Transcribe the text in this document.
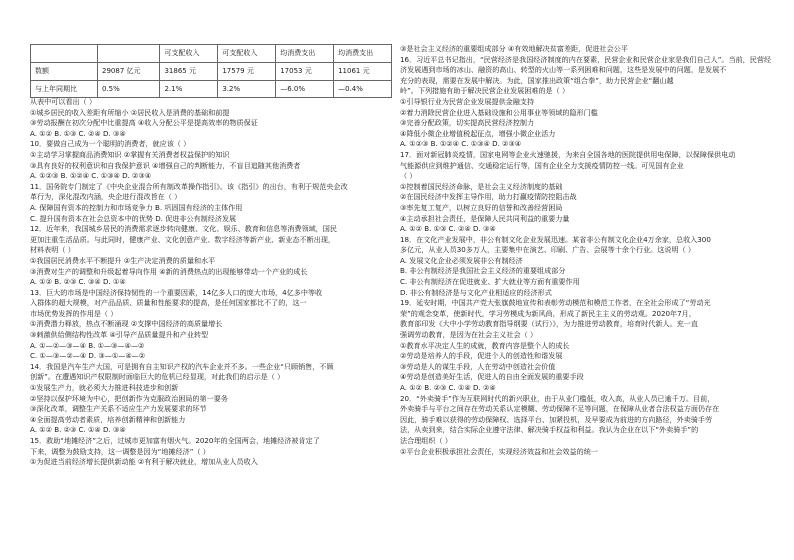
		可支配收入	可支配收入	均消费支出	均消费支出
数额	29087 亿元	31865 元	17579 元	17053 元	11061 元
与上年同期比	0.5%	2.1%	3.2%	—6.0%	—0.4%
从表中可以看出（ ）
①城乡居民的收入差距有所缩小 ②居民收入是消费的基础和前提
③劳动报酬在初次分配中比重提高 ④收入分配公平是提高效率的物质保证
A. ①② B. ①③ C. ②④ D. ③④
10．要做自己成为一个聪明的消费者，就应该（ ）
①主动学习掌握商品消费知识 ②掌握有关消费者权益保护的知识
③具有良好的权利意识和自我保护意识 ④增强自己的判断能力，不盲目追随其他消费者
A. ①②③ B. ①②④ C. ①③④ D. ②③④
11．国务院专门制定了《中央企业混合所有制改革操作指引》。该《指引》的出台，有利于规范央企改
革行为，深化混改内涵，央企进行混改旨在（ ）
A. 保障国有资本的控制力和市场竞争力 B. 巩固国有经济的主体作用
C. 提升国有资本在社会总资本中的优势 D. 促进非公有制经济发展
12．近年来，我国城乡居民的消费需求逐步转向健康、文化、娱乐、教育和信息等消费领域，国民
更加注重生活品质。与此同时，健康产业、文化创意产业、数字经济等新产业、新业态不断出现，
材料表明（ ）
①我国居民消费水平不断提升 ②生产决定消费的质量和水平
③消费对生产的调整和升级起着导向作用 ④新的消费热点的出现能够带动一个产业的成长
A. ①② B. ②③ C. ③④ D. ①④
13．巨大的市场是中国经济保持韧性的一个重要因素，14亿多人口的庞大市场，4亿多中等收
入群体的超大规模，对产品品质、质量和性能要求的提高，是任何国家都比不了的，这一
市场优势发挥的作用是（ ）
①消费潜力释放，热点不断涌现 ②支撑中国经济的高质量增长
③刺激供给侧结构性改革 ④引导产品质量提升和产业转型
A. ①—②—③—④ B. ①—③—④—②
C. ①—③—②—④ D. ③—①—④—②
14．我国是汽车生产大国，可是拥有自主知识产权的汽车企业并不多。一些企业“只顾销售，不顾
创新”。在遭遇知识产权限制时面临巨大的危机已经显现，对此我们的启示是（ ）
①发展生产力，就必须大力推进科技进步和创新
②坚持以保护环境为中心，把创新作为克服政治困局的第一要务
③深化改革，调整生产关系不适应生产力发展要求的环节
④全面提高劳动者素质，培养创新精神和创新能力
A. ①② B. ②③ C. ①④ D. ③④
15．救助“地摊经济”之后，过城市更加富有烟火气。2020年的全国两会，地摊经济被肯定了
下来，调整为鼓励支持，这一调整是因为“地摊经济”（ ）
①为促进当前经济增长提供新动能 ②有利于解决就业，增加从业人员收入
③是社会主义经济的重要组成部分 ④有效地解决贫富差距，促进社会公平
16．习近平总书记指出，“民营经济是我国经济制度的内在要素，民营企业和民营企业家是我们自己人”。当前，民营经
济发展遇到市场的冰山、融资的高山、转型的火山等一系列困难和问题，这些是发展中的问题，是发展不
充分的表现，需要在发展中解决。为此，国家推出政策“组合拳”，助力民营企业“翻山越
岭”。下列措施有助于解决民营企业发展困难的是（ ）
①引导银行业为民营企业发展提供金融支持
②着力消除民营企业进入基础设施和公用事业等领域的隐形门槛
③完善分配政策，切实提高民营经济控制力
④降低小微企业增值税起征点，增强小微企业活力
A. ①②③ B. ①②④ C. ①③④ D. ②③④
17．面对新冠肺炎疫情，国家电网等企业火速驰援，为来自全国各地的医院提供用电保障，以保障保供电动
气能源供应到维护通信、交通稳定运行等，国有企业全力支援疫情防控一线。可见国有企业
（ ）
①控制着国民经济命脉，是社会主义经济制度的基础
②在国民经济中发挥主导作用，助力打赢疫情防控阻击战
③率先复工复产，以树立良好的信誉和改善经营困局
④主动承担社会责任，是保障人民共同利益的重要力量
A. ①② B. ①③ C. ②④ D. ③④
18．在文化产业发展中，非公有制文化企业发展迅速。某省非公有制文化企业4万余家，总收入300
多亿元，从业人员30多万人，主要集中在演艺、印刷、广告、会展等十余个行业。这说明（ ）
A. 发展文化企业必须发展非公有制经济
B. 非公有制经济是我国社会主义经济的重要组成部分
C. 非公有制经济在促进就业、扩大就业等方面有重要作用
D. 非公有制经济是与文化产业相适应的经济形式
19．延安时期，中国共产党大张旗鼓地宣传和表彰劳动模范和模范工作者，在全社会形成了“劳动光
荣”的观念变革，使新时代，学习劳模成为新风尚，形成了新民主主义的劳动观。2020年7月，
教育部印发《大中小学劳动教育指导纲要（试行）》，为力推进劳动教育，培育时代新人。充一直
强调劳动教育，是因为在社会主义社会（ ）
①教育水平决定人生的成就，教育内容是整个人的成长
②劳动是培养人的手段，促进个人的创造性和谐发展
③劳动是人的谋生手段，人在劳动中创造社会价值
④劳动是创造美好生活，促进人的自由全面发展的重要手段
A. ①② B. ②③ C. ①④ D. ②④
20．“外卖骑手”作为互联网时代的新兴职业，由于从业门槛低，收入高，从业人员已逾千万。目前，
外卖骑手与平台之间存在劳动关系认定模糊、劳动保障不足等问题，在保障从业者合法权益方面仍存在
因此，骑手难以获得的劳动保障权、选择平台、加紧投机，及早要成为前进的方向路径，外卖骑手劳
法，从卖到来，结合实际企业遵守法律、解决骑手权益和利益。我认为企业在以下“外卖骑手”的
法合理组织（ ）
①平台企业积极承担社会责任，实现经济效益和社会效益的统一
